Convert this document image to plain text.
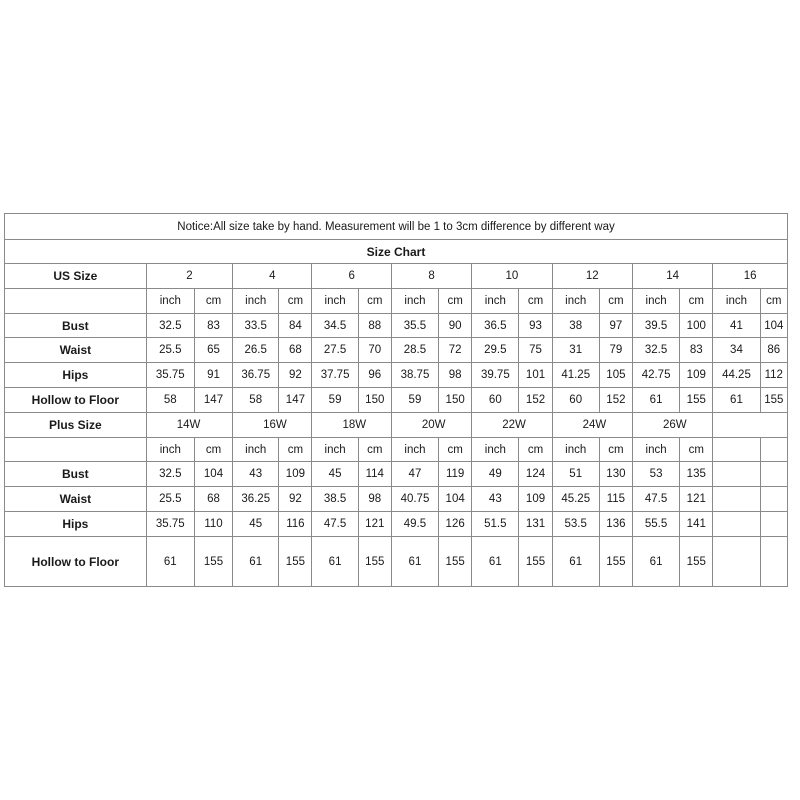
Notice:All size take by hand. Measurement will be 1 to 3cm difference by different way																
Size Chart																
US Size	2		4		6		8		10		12		14		16	
	inch	cm	inch	cm	inch	cm	inch	cm	inch	cm	inch	cm	inch	cm	inch	cm
Bust	32.5	83	33.5	84	34.5	88	35.5	90	36.5	93	38	97	39.5	100	41	104
Waist	25.5	65	26.5	68	27.5	70	28.5	72	29.5	75	31	79	32.5	83	34	86
Hips	35.75	91	36.75	92	37.75	96	38.75	98	39.75	101	41.25	105	42.75	109	44.25	112
Hollow to Floor	58	147	58	147	59	150	59	150	60	152	60	152	61	155	61	155
Plus Size	14W		16W		18W		20W		22W		24W		26W			
	inch	cm	inch	cm	inch	cm	inch	cm	inch	cm	inch	cm	inch	cm		
Bust	32.5	104	43	109	45	114	47	119	49	124	51	130	53	135		
Waist	25.5	68	36.25	92	38.5	98	40.75	104	43	109	45.25	115	47.5	121		
Hips	35.75	110	45	116	47.5	121	49.5	126	51.5	131	53.5	136	55.5	141		
Hollow to Floor	61	155	61	155	61	155	61	155	61	155	61	155	61	155		
